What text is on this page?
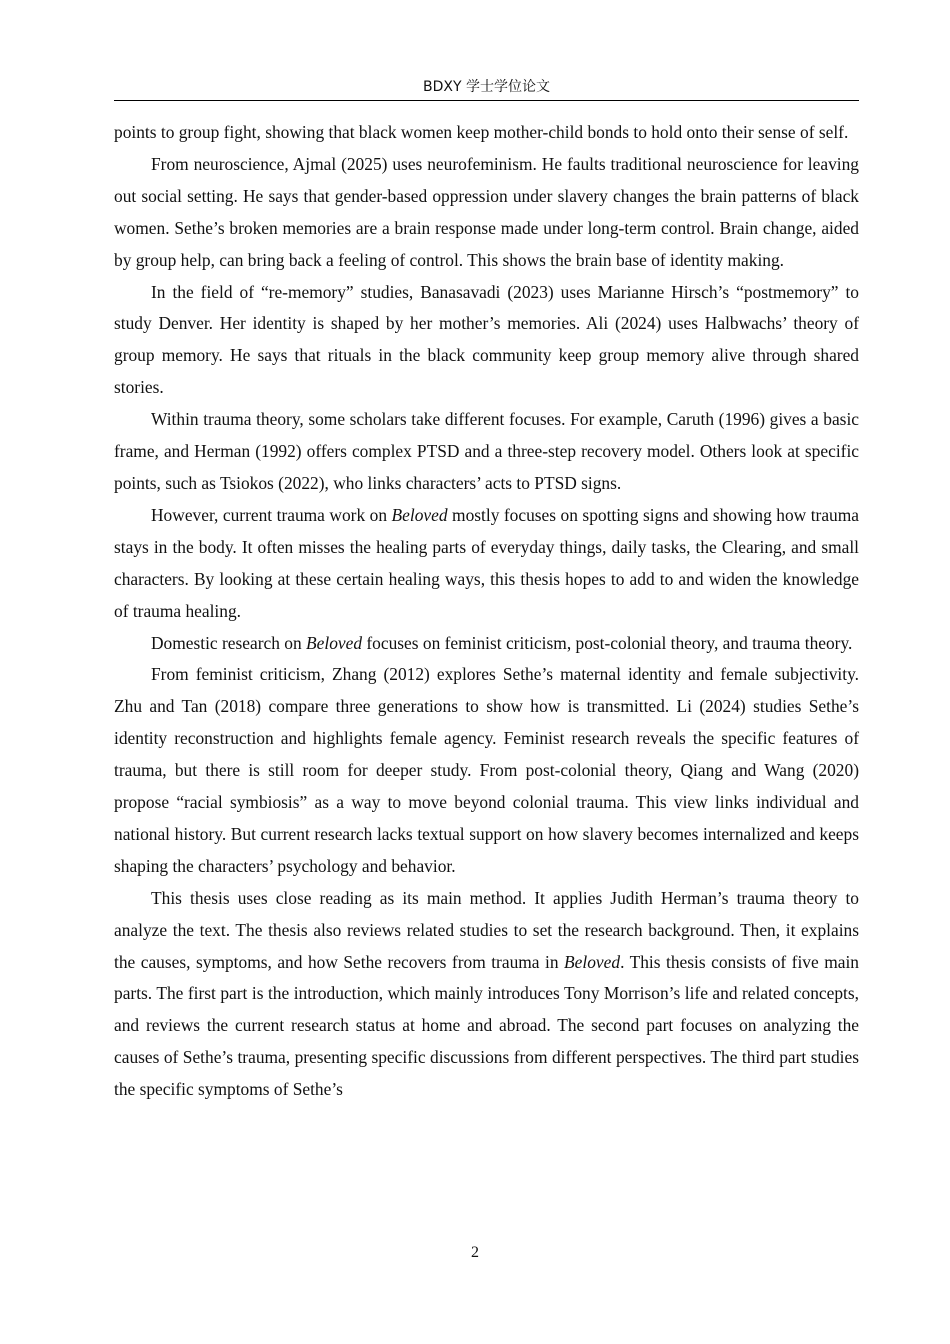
BDXY 学士学位论文

points to group fight, showing that black women keep mother-child bonds to hold onto their sense of self.

From neuroscience, Ajmal (2025) uses neurofeminism. He faults traditional neuroscience for leaving out social setting. He says that gender-based oppression under slavery changes the brain patterns of black women. Sethe’s broken memories are a brain response made under long-term control. Brain change, aided by group help, can bring back a feeling of control. This shows the brain base of identity making.

In the field of “re-memory” studies, Banasavadi (2023) uses Marianne Hirsch’s “postmemory” to study Denver. Her identity is shaped by her mother’s memories. Ali (2024) uses Halbwachs’ theory of group memory. He says that rituals in the black community keep group memory alive through shared stories.

Within trauma theory, some scholars take different focuses. For example, Caruth (1996) gives a basic frame, and Herman (1992) offers complex PTSD and a three-step recovery model. Others look at specific points, such as Tsiokos (2022), who links characters’ acts to PTSD signs.

However, current trauma work on Beloved mostly focuses on spotting signs and showing how trauma stays in the body. It often misses the healing parts of everyday things, daily tasks, the Clearing, and small characters. By looking at these certain healing ways, this thesis hopes to add to and widen the knowledge of trauma healing.

Domestic research on Beloved focuses on feminist criticism, post-colonial theory, and trauma theory.

From feminist criticism, Zhang (2012) explores Sethe’s maternal identity and female subjectivity. Zhu and Tan (2018) compare three generations to show how is transmitted. Li (2024) studies Sethe’s identity reconstruction and highlights female agency. Feminist research reveals the specific features of trauma, but there is still room for deeper study. From post-colonial theory, Qiang and Wang (2020) propose “racial symbiosis” as a way to move beyond colonial trauma. This view links individual and national history. But current research lacks textual support on how slavery becomes internalized and keeps shaping the characters’ psychology and behavior.

This thesis uses close reading as its main method. It applies Judith Herman’s trauma theory to analyze the text. The thesis also reviews related studies to set the research background. Then, it explains the causes, symptoms, and how Sethe recovers from trauma in Beloved. This thesis consists of five main parts. The first part is the introduction, which mainly introduces Tony Morrison’s life and related concepts, and reviews the current research status at home and abroad. The second part focuses on analyzing the causes of Sethe’s trauma, presenting specific discussions from different perspectives. The third part studies the specific symptoms of Sethe’s

2
